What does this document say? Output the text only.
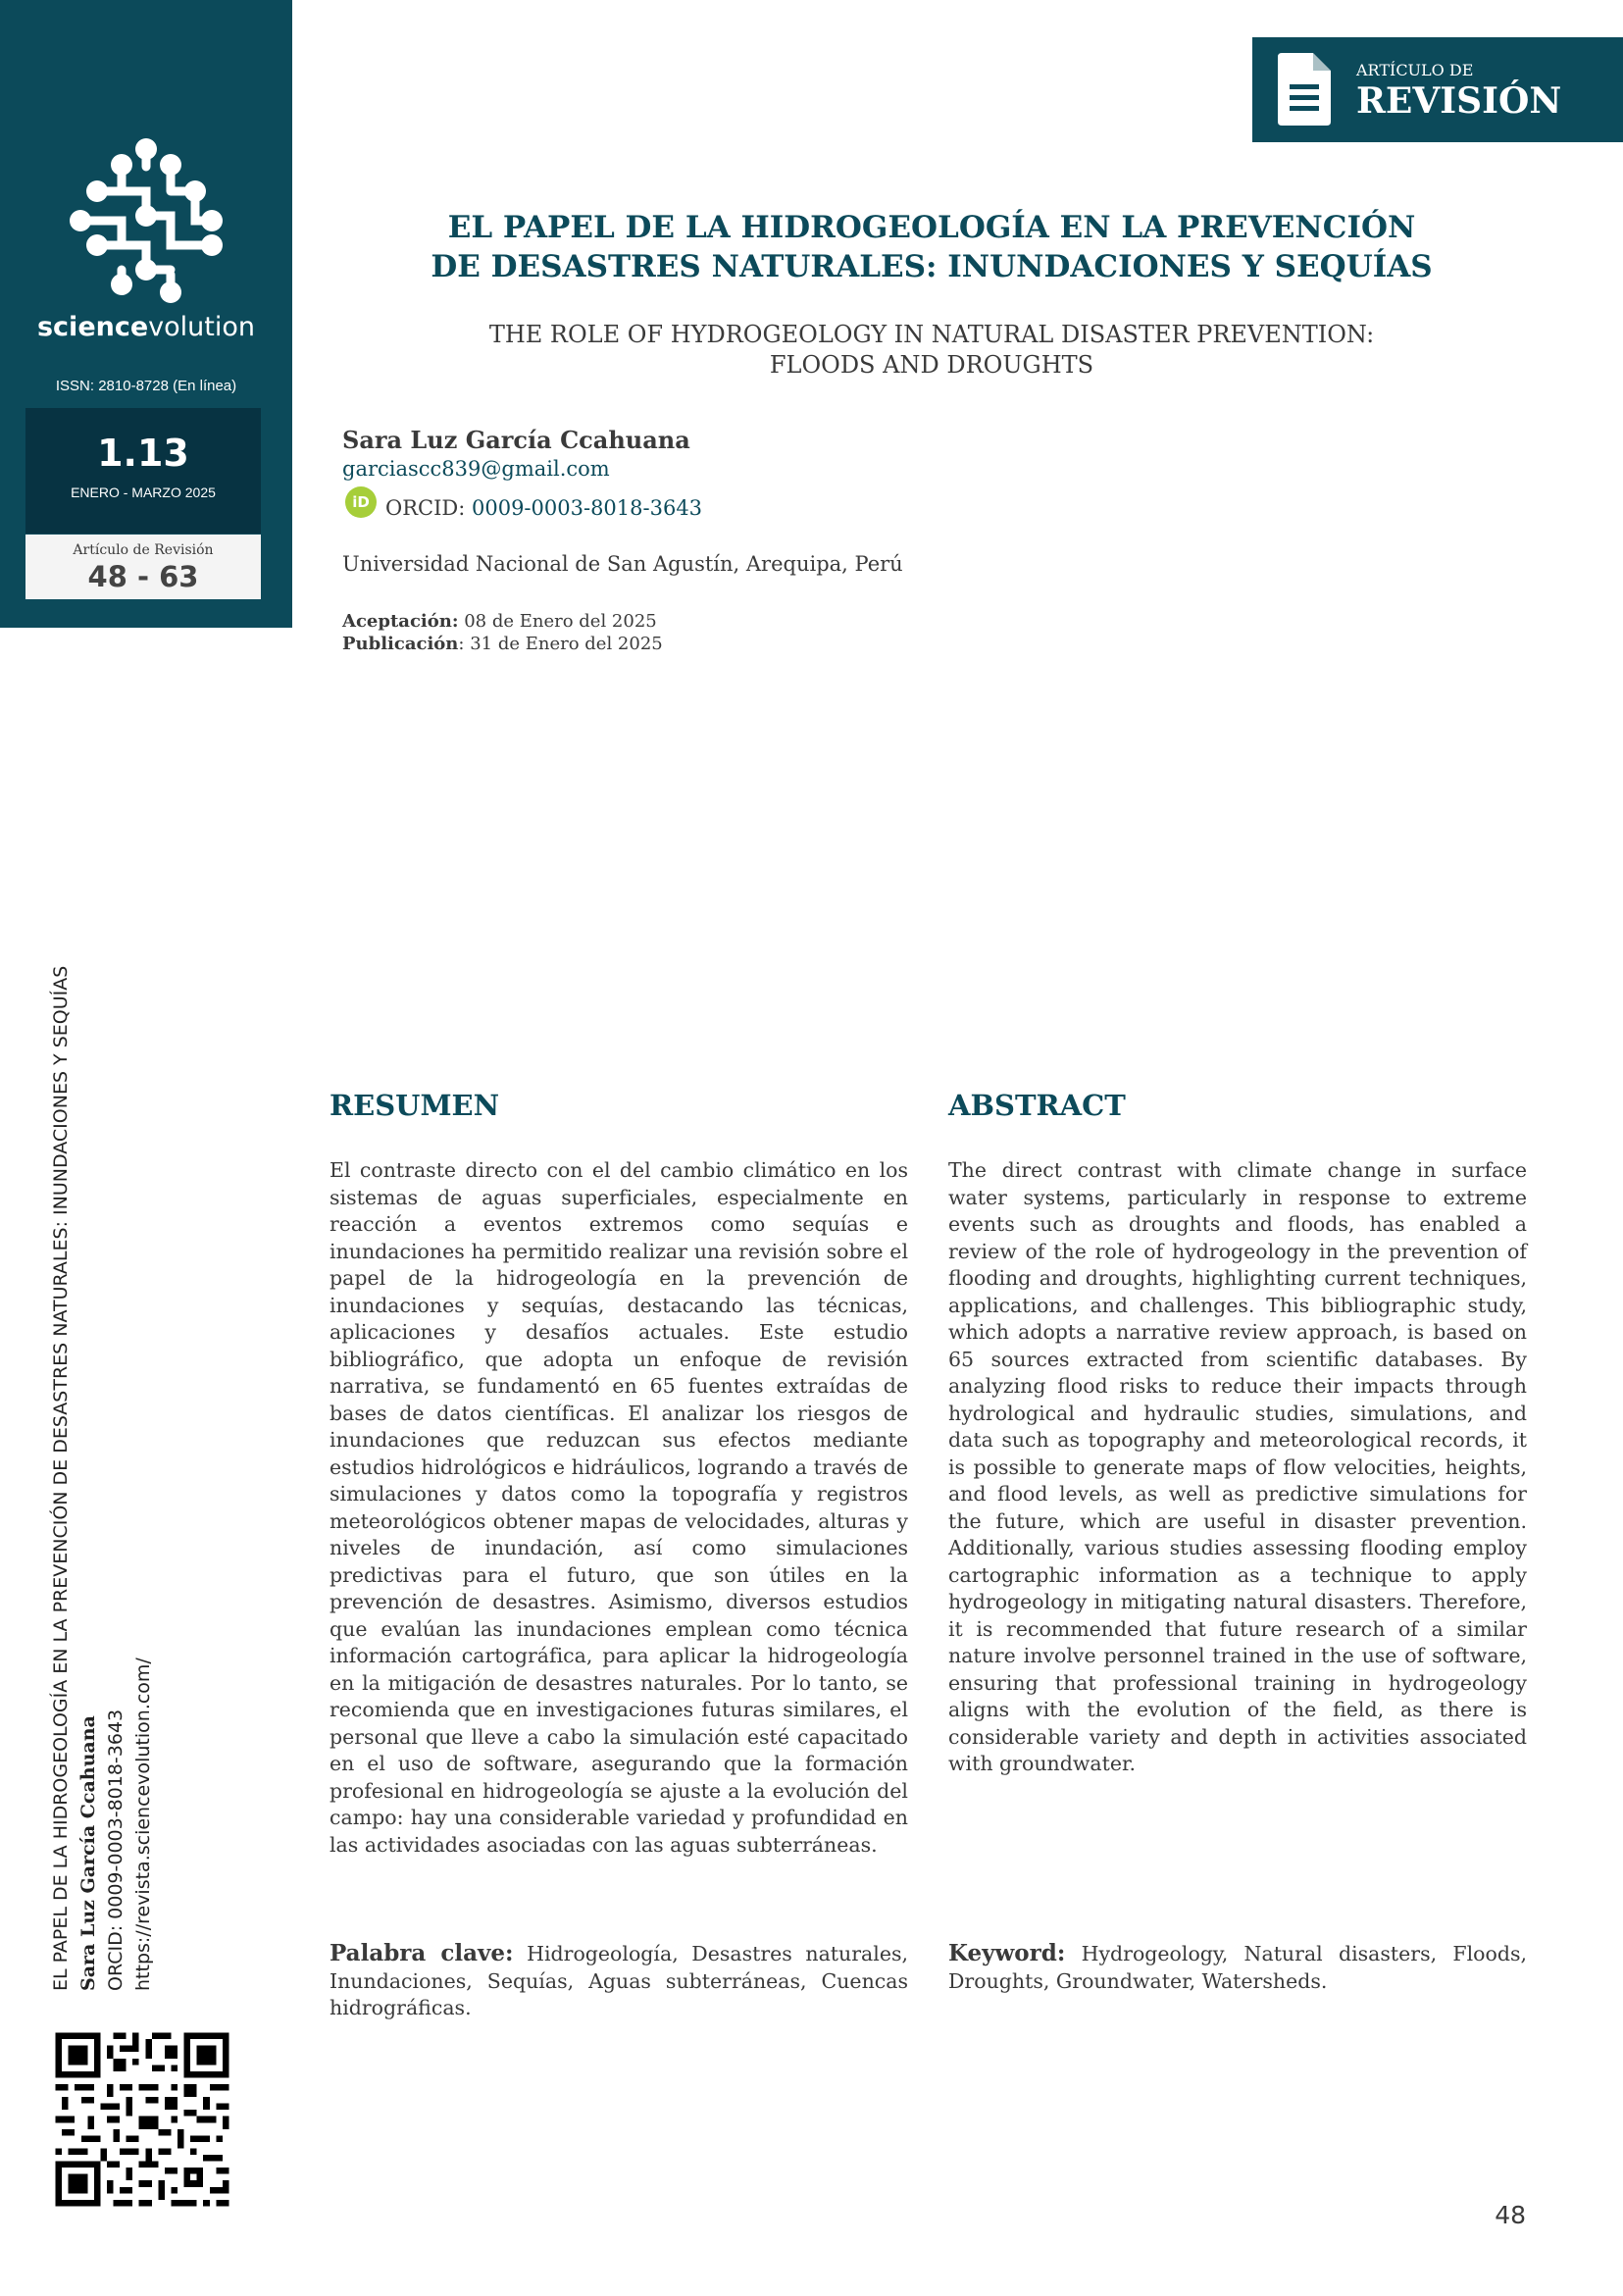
sciencevolution
ISSN: 2810-8728 (En línea)
1.13
ENERO - MARZO 2025
Artículo de Revisión
48 - 63
ARTÍCULO DE
REVISIÓN
EL PAPEL DE LA HIDROGEOLOGÍA EN LA PREVENCIÓN
DE DESASTRES NATURALES: INUNDACIONES Y SEQUÍAS
THE ROLE OF HYDROGEOLOGY IN NATURAL DISASTER PREVENTION:
FLOODS AND DROUGHTS
Sara Luz García Ccahuana
garciascc839@gmail.com
iD ORCID: 0009-0003-8018-3643
Universidad Nacional de San Agustín, Arequipa, Perú
Aceptación: 08 de Enero del 2025
Publicación: 31 de Enero del 2025
EL PAPEL DE LA HIDROGEOLOGÍA EN LA PREVENCIÓN DE DESASTRES NATURALES: INUNDACIONES Y SEQUÍAS Sara Luz García Ccahuana ORCID: 0009-0003-8018-3643 https://revista.sciencevolution.com/
RESUMEN

El contraste directo con el del cambio climático en los sistemas de aguas superficiales, especialmente en reacción a eventos extremos como sequías e inundaciones ha permitido realizar una revisión sobre el papel de la hidrogeología en la prevención de inundaciones y sequías, destacando las técnicas, aplicaciones y desafíos actuales. Este estudio bibliográfico, que adopta un enfoque de revisión narrativa, se fundamentó en 65 fuentes extraídas de bases de datos científicas. El analizar los riesgos de inundaciones que reduzcan sus efectos mediante estudios hidrológicos e hidráulicos, logrando a través de simulaciones y datos como la topografía y registros meteorológicos obtener mapas de velocidades, alturas y niveles de inundación, así como simulaciones predictivas para el futuro, que son útiles en la prevención de desastres. Asimismo, diversos estudios que evalúan las inundaciones emplean como técnica información cartográfica, para aplicar la hidrogeología en la mitigación de desastres naturales. Por lo tanto, se recomienda que en investigaciones futuras similares, el personal que lleve a cabo la simulación esté capacitado en el uso de software, asegurando que la formación profesional en hidrogeología se ajuste a la evolución del campo: hay una considerable variedad y profundidad en las actividades asociadas con las aguas subterráneas.

ABSTRACT

The direct contrast with climate change in surface water systems, particularly in response to extreme events such as droughts and floods, has enabled a review of the role of hydrogeology in the prevention of flooding and droughts, highlighting current techniques, applications, and challenges. This bibliographic study, which adopts a narrative review approach, is based on 65 sources extracted from scientific databases. By analyzing flood risks to reduce their impacts through hydrological and hydraulic studies, simulations, and data such as topography and meteorological records, it is possible to generate maps of flow velocities, heights, and flood levels, as well as predictive simulations for the future, which are useful in disaster prevention. Additionally, various studies assessing flooding employ cartographic information as a technique to apply hydrogeology in mitigating natural disasters. Therefore, it is recommended that future research of a similar nature involve personnel trained in the use of software, ensuring that professional training in hydrogeology aligns with the evolution of the field, as there is considerable variety and depth in activities associated with groundwater.

Palabra clave: Hidrogeología, Desastres naturales, Inundaciones, Sequías, Aguas subterráneas, Cuencas hidrográficas.

Keyword: Hydrogeology, Natural disasters, Floods, Droughts, Groundwater, Watersheds.

48
